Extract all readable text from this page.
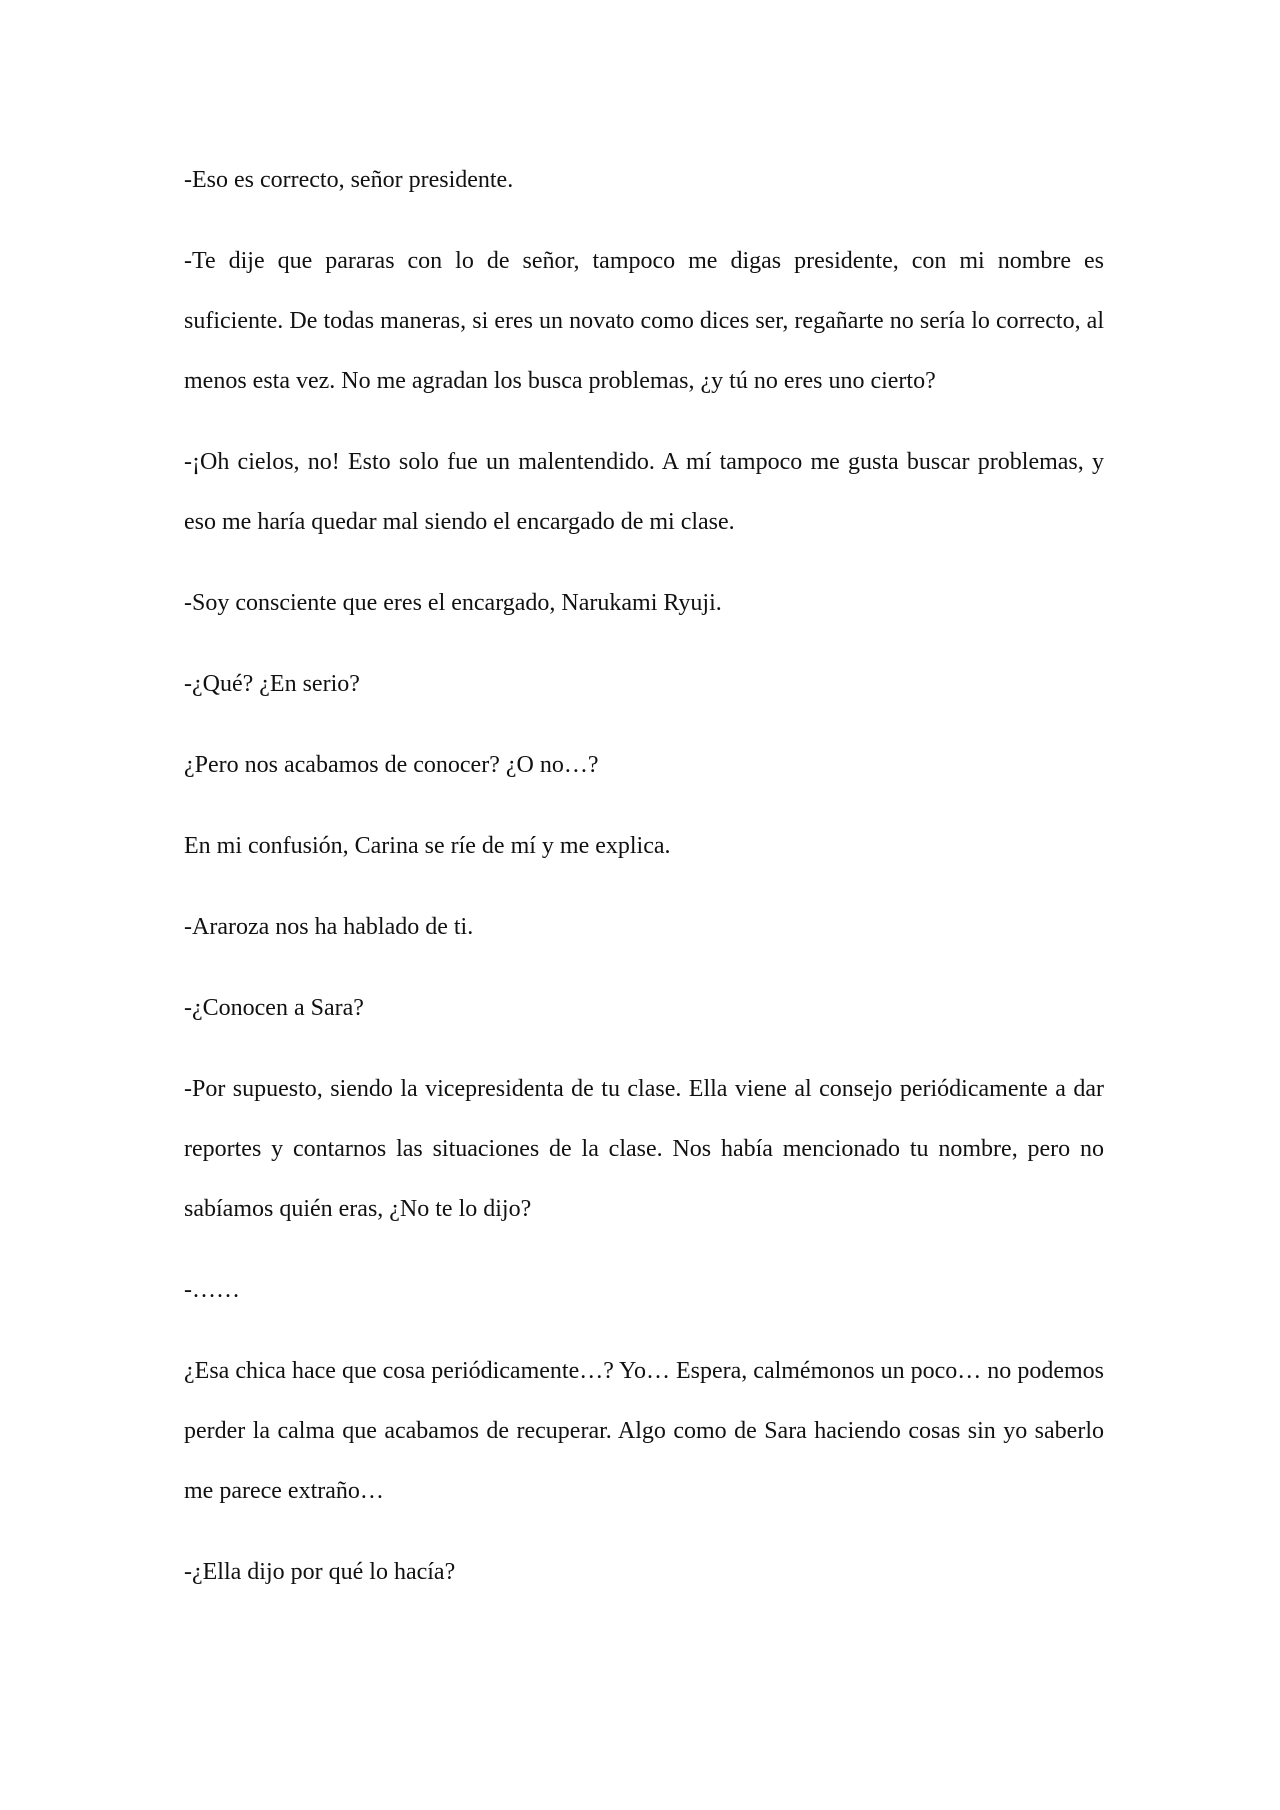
-Eso es correcto, señor presidente.

-Te dije que pararas con lo de señor, tampoco me digas presidente, con mi nombre es suficiente. De todas maneras, si eres un novato como dices ser, regañarte no sería lo correcto, al menos esta vez. No me agradan los busca problemas, ¿y tú no eres uno cierto?

-¡Oh cielos, no! Esto solo fue un malentendido. A mí tampoco me gusta buscar problemas, y eso me haría quedar mal siendo el encargado de mi clase.

-Soy consciente que eres el encargado, Narukami Ryuji.

-¿Qué? ¿En serio?

¿Pero nos acabamos de conocer? ¿O no…?

En mi confusión, Carina se ríe de mí y me explica.

-Araroza nos ha hablado de ti.

-¿Conocen a Sara?

-Por supuesto, siendo la vicepresidenta de tu clase. Ella viene al consejo periódicamente a dar reportes y contarnos las situaciones de la clase. Nos había mencionado tu nombre, pero no sabíamos quién eras, ¿No te lo dijo?

-……

¿Esa chica hace que cosa periódicamente…? Yo… Espera, calmémonos un poco… no podemos perder la calma que acabamos de recuperar. Algo como de Sara haciendo cosas sin yo saberlo me parece extraño…

-¿Ella dijo por qué lo hacía?
